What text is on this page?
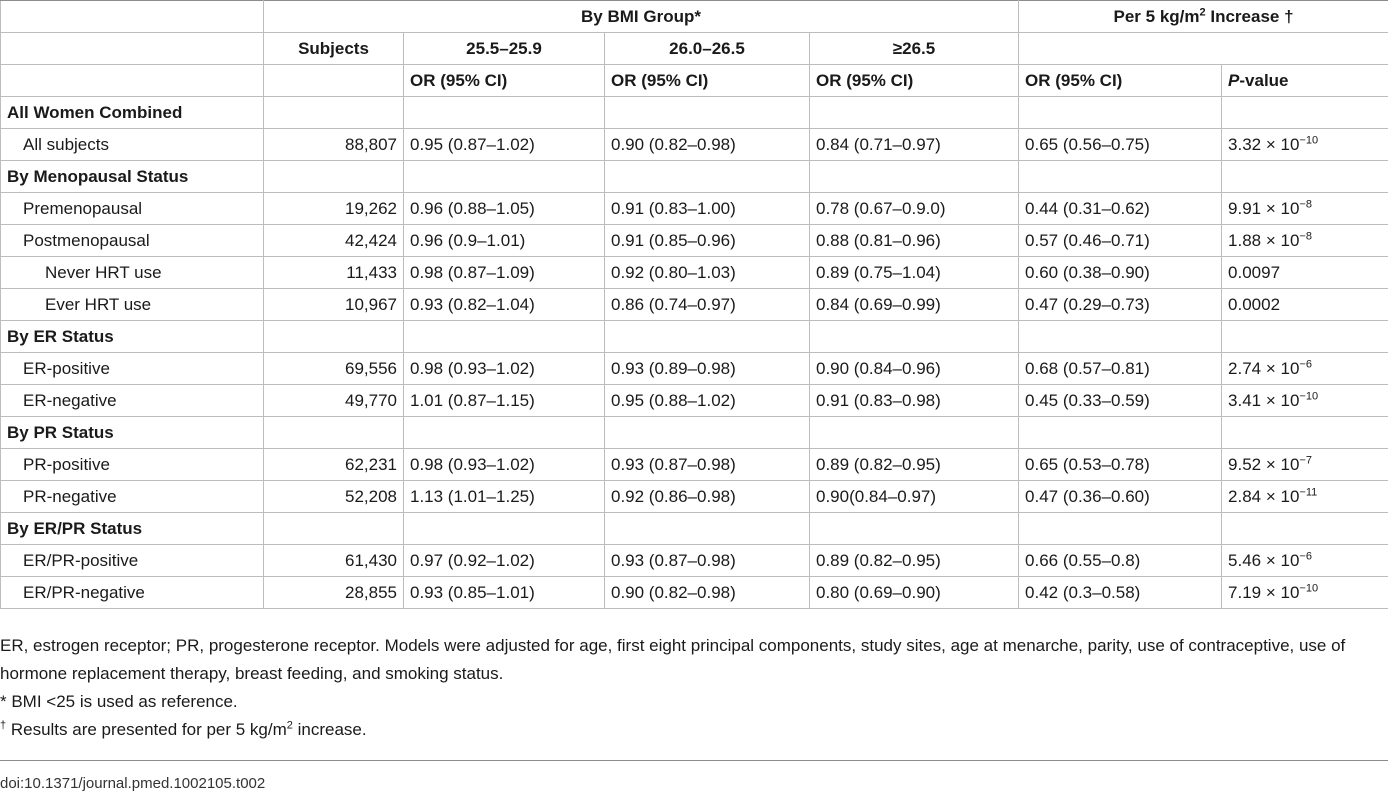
	By BMI Group*				Per 5 $kg/m^2$ Increase †	
	Subjects	25.5–25.9	26.0–26.5	≥26.5		
		OR (95% CI)	OR (95% CI)	OR (95% CI)	OR (95% CI)	P-value
All Women Combined						
All subjects	88,807	0.95 (0.87–1.02)	0.90 (0.82–0.98)	0.84 (0.71–0.97)	0.65 (0.56–0.75)	$3.32 \times 10^{-10}$
By Menopausal Status						
Premenopausal	19,262	0.96 (0.88–1.05)	0.91 (0.83–1.00)	0.78 (0.67–0.9.0)	0.44 (0.31–0.62)	$9.91 \times 10^{-8}$
Postmenopausal	42,424	0.96 (0.9–1.01)	0.91 (0.85–0.96)	0.88 (0.81–0.96)	0.57 (0.46–0.71)	$1.88 \times 10^{-8}$
Never HRT use	11,433	0.98 (0.87–1.09)	0.92 (0.80–1.03)	0.89 (0.75–1.04)	0.60 (0.38–0.90)	0.0097
Ever HRT use	10,967	0.93 (0.82–1.04)	0.86 (0.74–0.97)	0.84 (0.69–0.99)	0.47 (0.29–0.73)	0.0002
By ER Status						
ER-positive	69,556	0.98 (0.93–1.02)	0.93 (0.89–0.98)	0.90 (0.84–0.96)	0.68 (0.57–0.81)	$2.74 \times 10^{-6}$
ER-negative	49,770	1.01 (0.87–1.15)	0.95 (0.88–1.02)	0.91 (0.83–0.98)	0.45 (0.33–0.59)	$3.41 \times 10^{-10}$
By PR Status						
PR-positive	62,231	0.98 (0.93–1.02)	0.93 (0.87–0.98)	0.89 (0.82–0.95)	0.65 (0.53–0.78)	$9.52 \times 10^{-7}$
PR-negative	52,208	1.13 (1.01–1.25)	0.92 (0.86–0.98)	0.90(0.84–0.97)	0.47 (0.36–0.60)	$2.84 \times 10^{-11}$
By ER/PR Status						
ER/PR-positive	61,430	0.97 (0.92–1.02)	0.93 (0.87–0.98)	0.89 (0.82–0.95)	0.66 (0.55–0.8)	$5.46 \times 10^{-6}$
ER/PR-negative	28,855	0.93 (0.85–1.01)	0.90 (0.82–0.98)	0.80 (0.69–0.90)	0.42 (0.3–0.58)	$7.19 \times 10^{-10}$

ER, estrogen receptor; PR, progesterone receptor. Models were adjusted for age, first eight principal components, study sites, age at menarche, parity, use of contraceptive, use of hormone replacement therapy, breast feeding, and smoking status.

* BMI <25 is used as reference.

† Results are presented for per 5 $kg/m^2$ increase.

doi:10.1371/journal.pmed.1002105.t002
